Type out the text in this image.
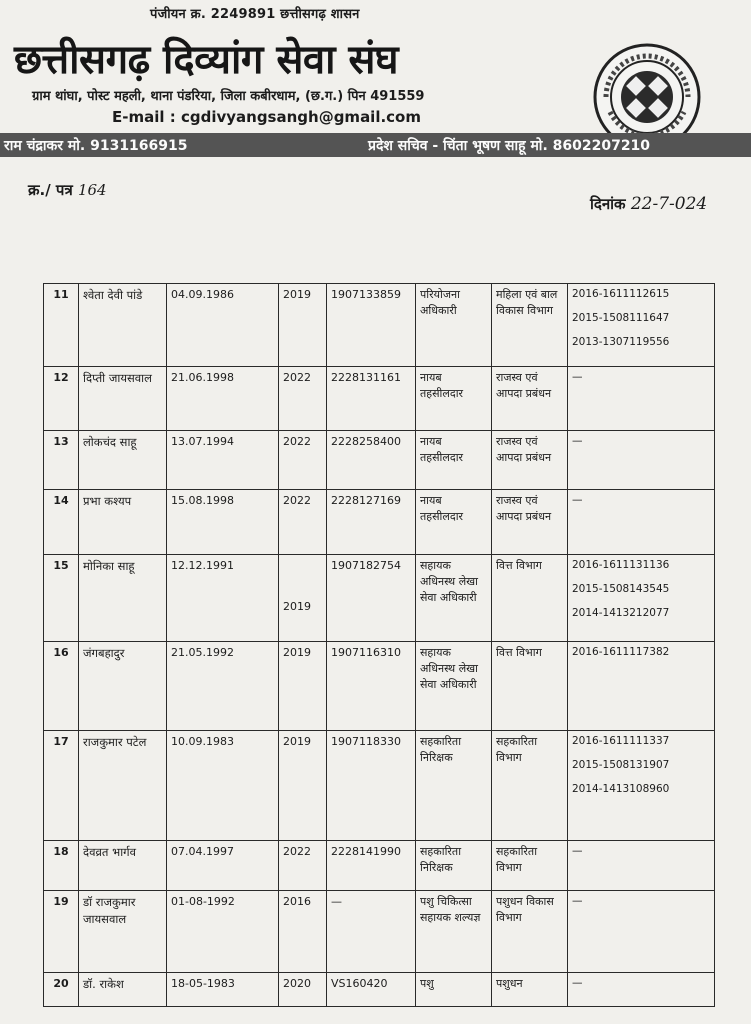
पंजीयन क्र. 2249891 छत्तीसगढ़ शासन
छत्तीसगढ़ दिव्यांग सेवा संघ
ग्राम थांघा, पोस्ट महली, थाना पंडरिया, जिला कबीरधाम, (छ.ग.) पिन 491559
E-mail : cgdivyangsangh@gmail.com
राम चंद्राकर मो. 9131166915	प्रदेश सचिव - चिंता भूषण साहू मो. 8602207210
क्र./ पत्र 164
दिनांक 22-7-024
11	श्वेता देवी पांडे	04.09.1986	2019	1907133859	परियोजना अधिकारी	महिला एवं बाल विकास विभाग	2016-1611112615
2015-1508111647
2013-1307119556

12	दिप्ती जायसवाल	21.06.1998	2022	2228131161	नायब तहसीलदार	राजस्व एवं आपदा प्रबंधन	—

13	लोकचंद साहू	13.07.1994	2022	2228258400	नायब तहसीलदार	राजस्व एवं आपदा प्रबंधन	—

14	प्रभा कश्यप	15.08.1998	2022	2228127169	नायब तहसीलदार	राजस्व एवं आपदा प्रबंधन	—

15	मोनिका साहू	12.12.1991	2019	1907182754	सहायक अधिनस्थ लेखा सेवा अधिकारी	वित्त विभाग	2016-1611131136
2015-1508143545
2014-1413212077

16	जंगबहादुर	21.05.1992	2019	1907116310	सहायक अधिनस्थ लेखा सेवा अधिकारी	वित्त विभाग	2016-1611117382

17	राजकुमार पटेल	10.09.1983	2019	1907118330	सहकारिता निरिक्षक	सहकारिता विभाग	2016-1611111337
2015-1508131907
2014-1413108960

18	देवव्रत भार्गव	07.04.1997	2022	2228141990	सहकारिता निरिक्षक	सहकारिता विभाग	—

19	डॉ राजकुमार जायसवाल	01-08-1992	2016	—	पशु चिकित्सा सहायक शल्यज्ञ	पशुधन विकास विभाग	—

20	डॉ. राकेश	18-05-1983	2020	VS160420	पशु	पशुधन	—
